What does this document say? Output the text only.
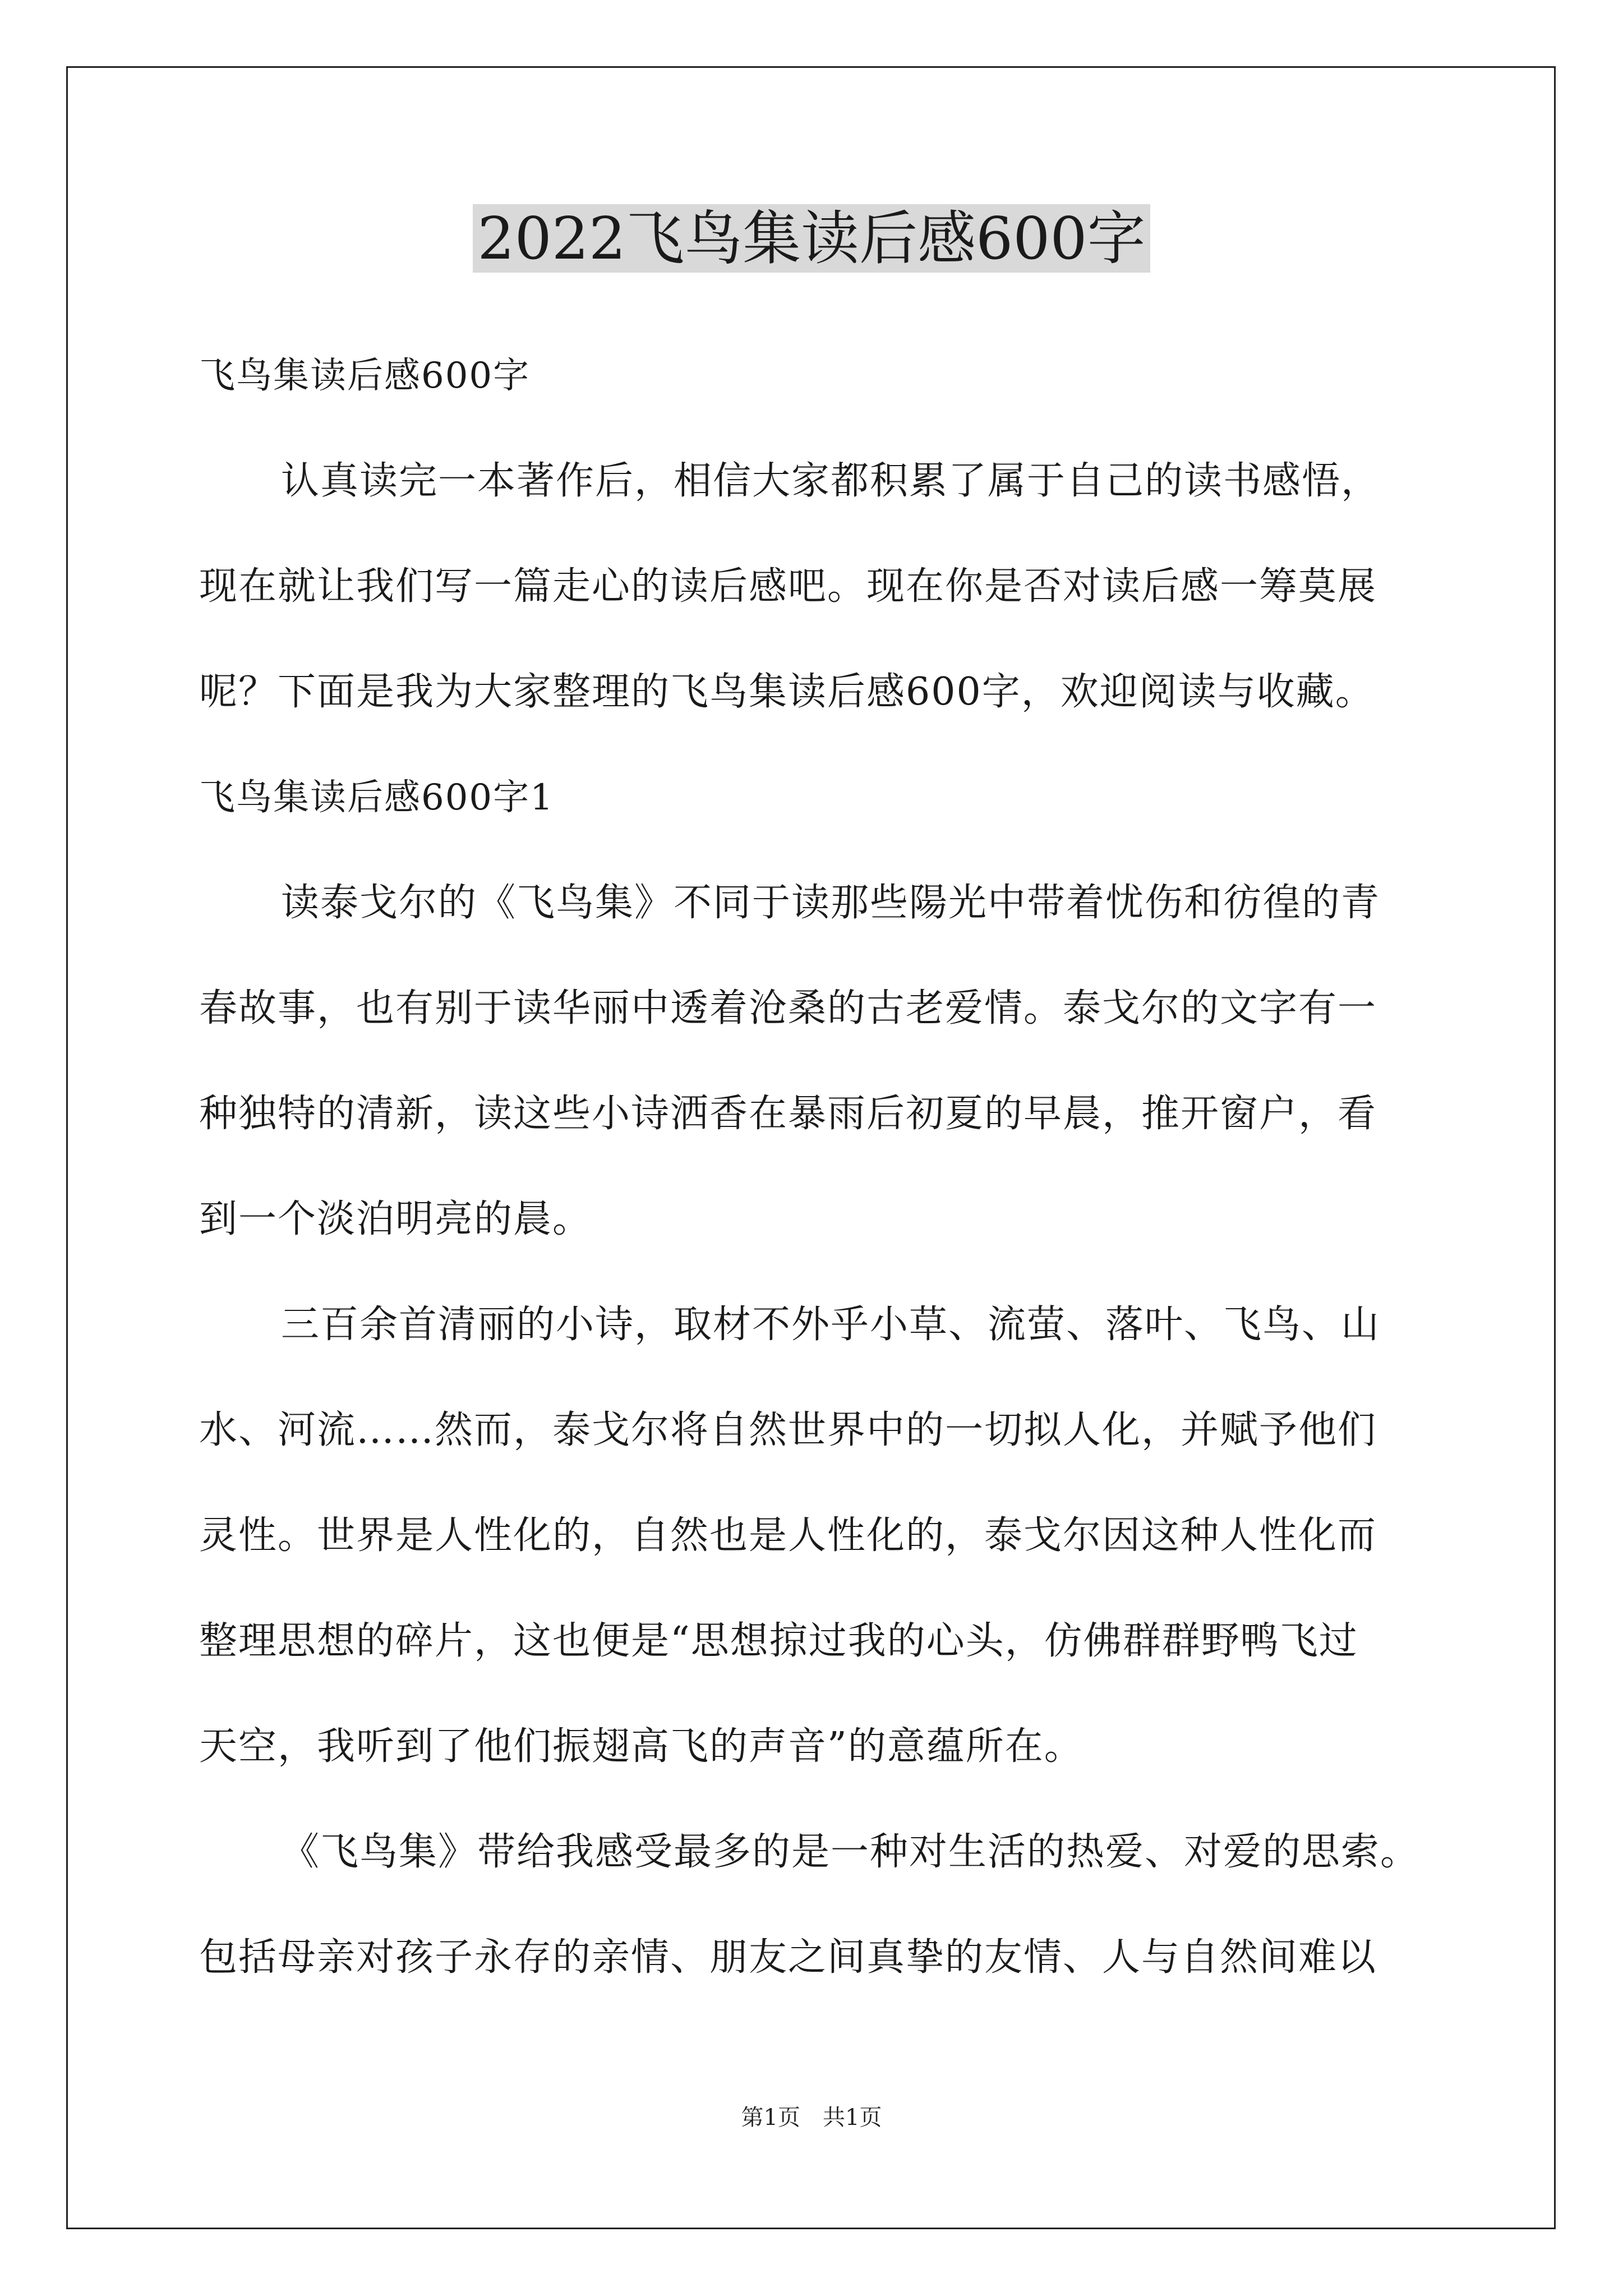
2022飞鸟集读后感600字

飞鸟集读后感600字

认真读完一本著作后，相信大家都积累了属于自己的读书感悟，

现在就让我们写一篇走心的读后感吧。现在你是否对读后感一筹莫展

呢？下面是我为大家整理的飞鸟集读后感600字，欢迎阅读与收藏。

飞鸟集读后感600字1

读泰戈尔的《飞鸟集》不同于读那些陽光中带着忧伤和彷徨的青

春故事，也有别于读华丽中透着沧桑的古老爱情。泰戈尔的文字有一

种独特的清新，读这些小诗洒香在暴雨后初夏的早晨，推开窗户，看

到一个淡泊明亮的晨。

三百余首清丽的小诗，取材不外乎小草、流萤、落叶、飞鸟、山

水、河流……然而，泰戈尔将自然世界中的一切拟人化，并赋予他们

灵性。世界是人性化的，自然也是人性化的，泰戈尔因这种人性化而

整理思想的碎片，这也便是“思想掠过我的心头，仿佛群群野鸭飞过

天空，我听到了他们振翅高飞的声音”的意蕴所在。

《飞鸟集》带给我感受最多的是一种对生活的热爱、对爱的思索。

包括母亲对孩子永存的亲情、朋友之间真挚的友情、人与自然间难以

第1页　共1页
